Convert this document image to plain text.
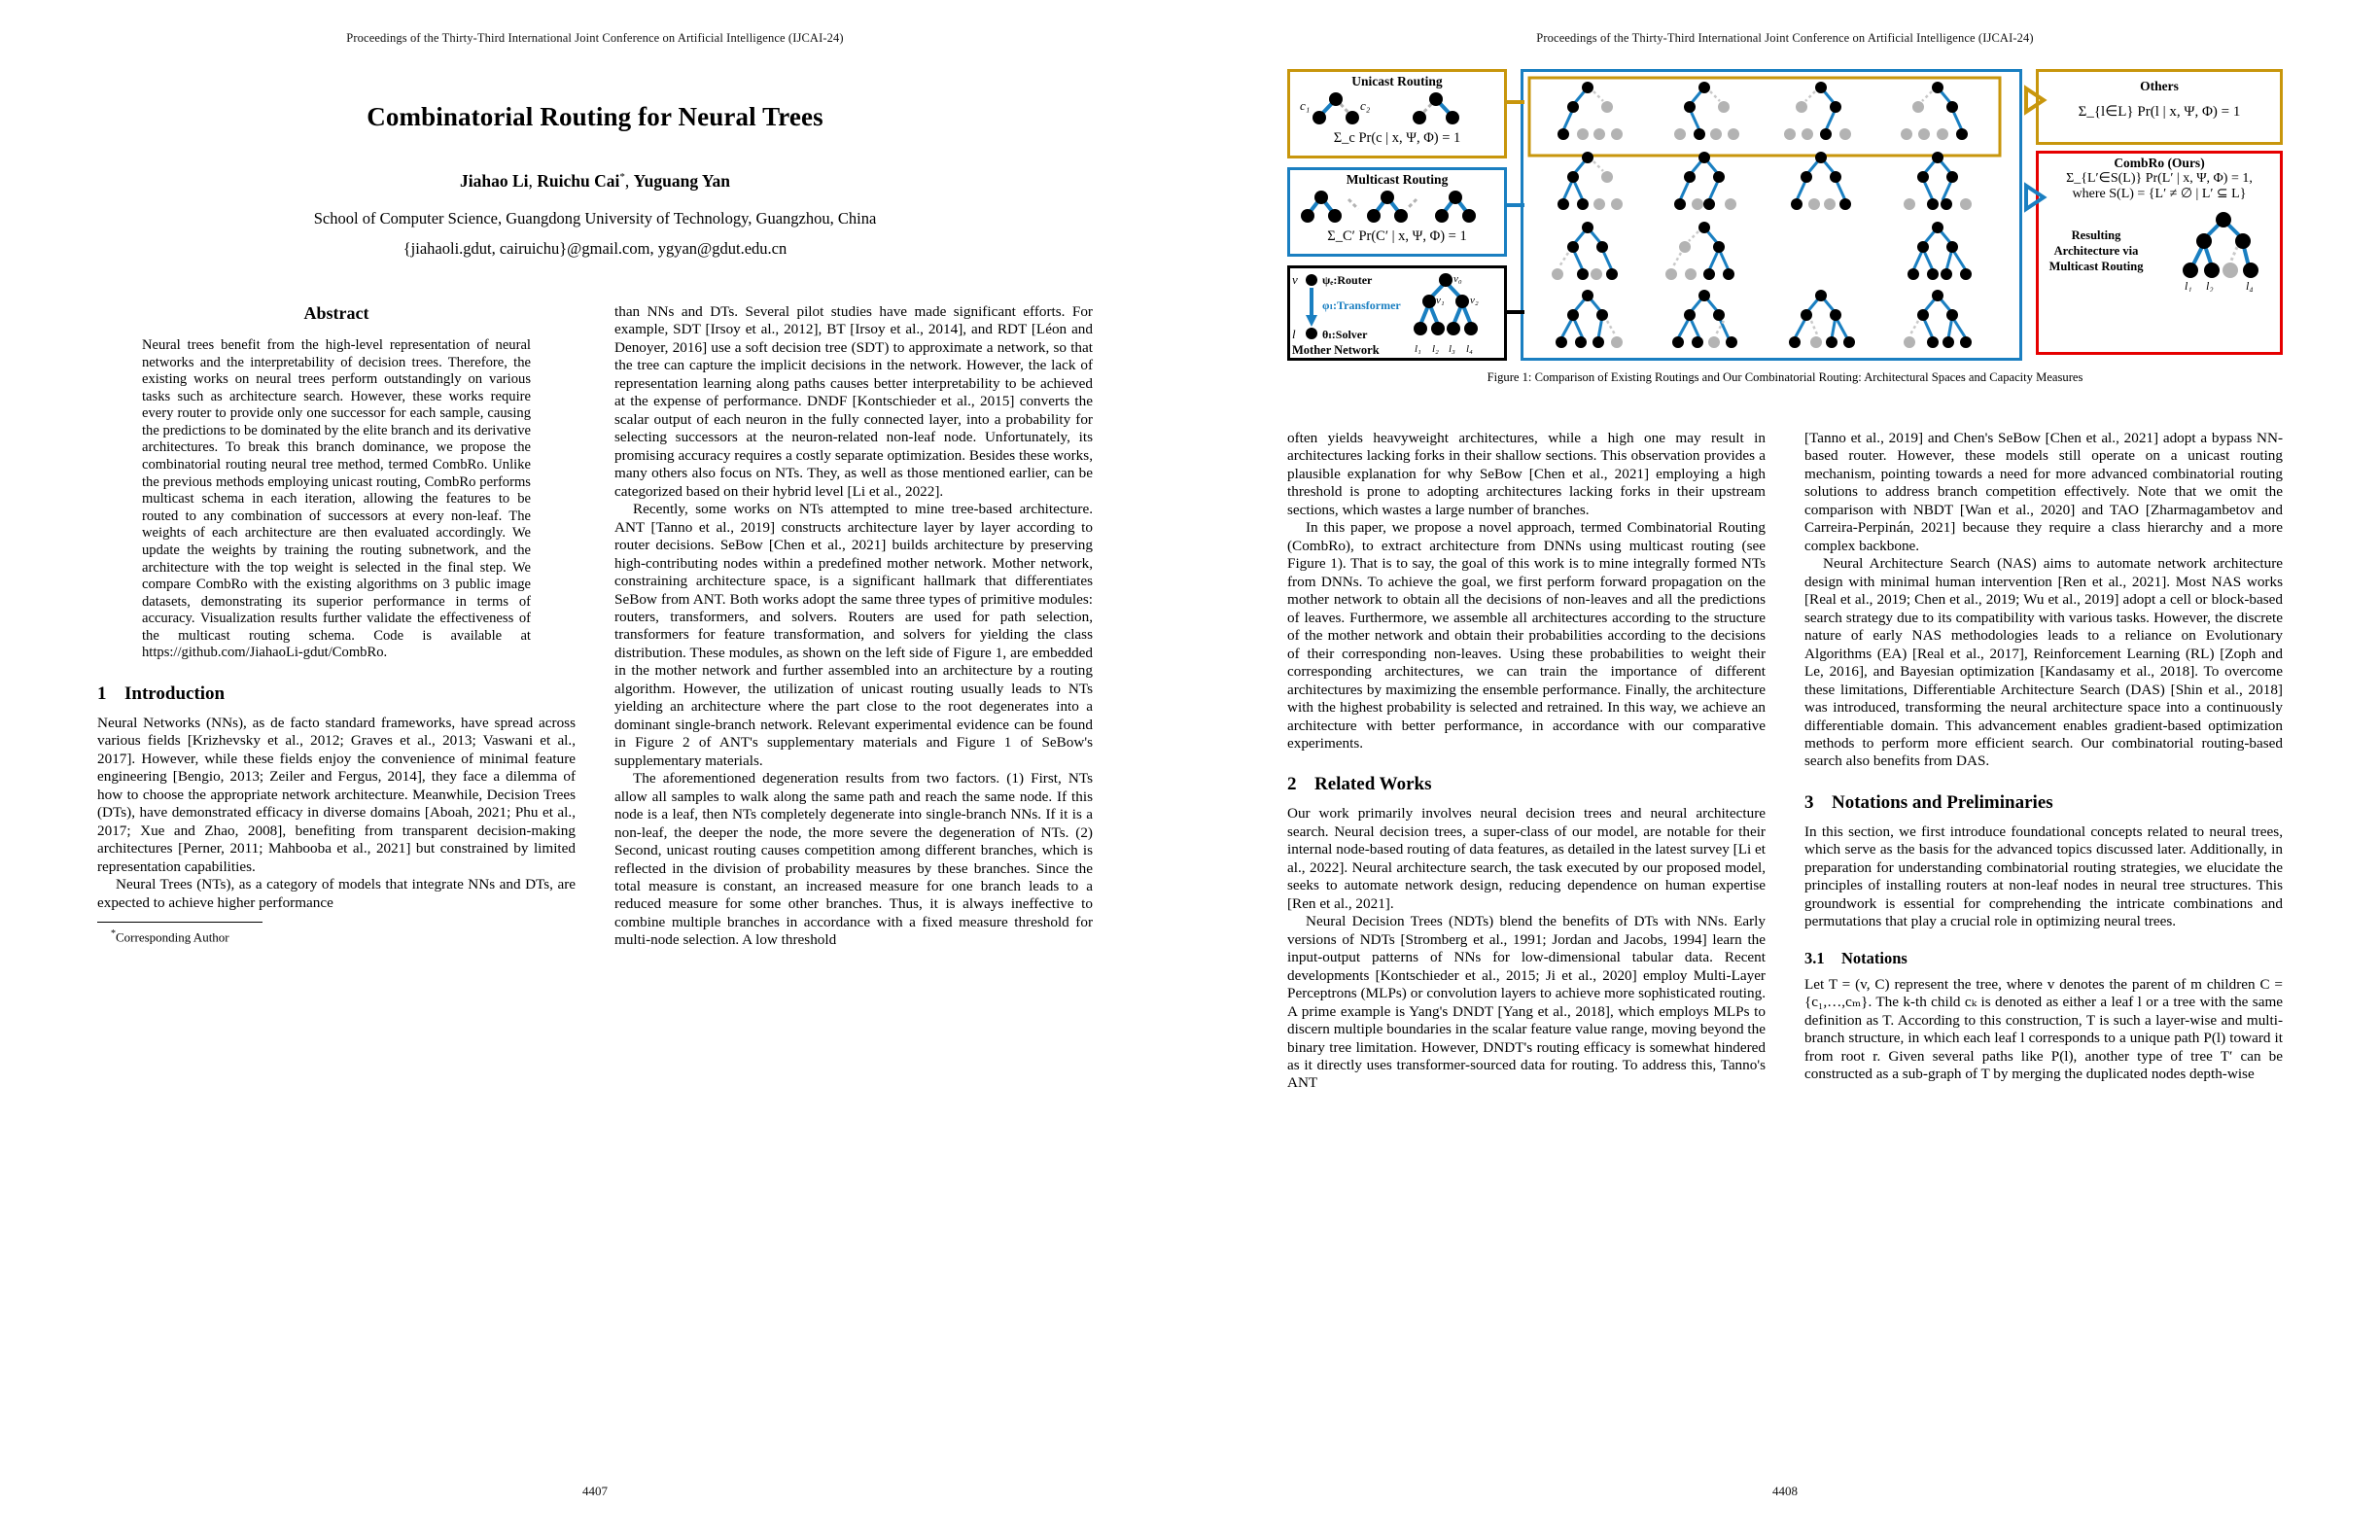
Proceedings of the Thirty-Third International Joint Conference on Artificial Intelligence (IJCAI-24)
Combinatorial Routing for Neural Trees
Jiahao Li, Ruichu Cai*, Yuguang Yan
School of Computer Science, Guangdong University of Technology, Guangzhou, China
{jiahaoli.gdut, cairuichu}@gmail.com, ygyan@gdut.edu.cn
Abstract

Neural trees benefit from the high-level representation of neural networks and the interpretability of decision trees. Therefore, the existing works on neural trees perform outstandingly on various tasks such as architecture search. However, these works require every router to provide only one successor for each sample, causing the predictions to be dominated by the elite branch and its derivative architectures. To break this branch dominance, we propose the combinatorial routing neural tree method, termed CombRo. Unlike the previous methods employing unicast routing, CombRo performs multicast schema in each iteration, allowing the features to be routed to any combination of successors at every non-leaf. The weights of each architecture are then evaluated accordingly. We update the weights by training the routing subnetwork, and the architecture with the top weight is selected in the final step. We compare CombRo with the existing algorithms on 3 public image datasets, demonstrating its superior performance in terms of accuracy. Visualization results further validate the effectiveness of the multicast routing schema. Code is available at https://github.com/JiahaoLi-gdut/CombRo.

1 Introduction

Neural Networks (NNs), as de facto standard frameworks, have spread across various fields [Krizhevsky et al., 2012; Graves et al., 2013; Vaswani et al., 2017]. However, while these fields enjoy the convenience of minimal feature engineering [Bengio, 2013; Zeiler and Fergus, 2014], they face a dilemma of how to choose the appropriate network architecture. Meanwhile, Decision Trees (DTs), have demonstrated efficacy in diverse domains [Aboah, 2021; Phu et al., 2017; Xue and Zhao, 2008], benefiting from transparent decision-making architectures [Perner, 2011; Mahbooba et al., 2021] but constrained by limited representation capabilities.

Neural Trees (NTs), as a category of models that integrate NNs and DTs, are expected to achieve higher performance

*Corresponding Author

than NNs and DTs. Several pilot studies have made significant efforts. For example, SDT [Irsoy et al., 2012], BT [Irsoy et al., 2014], and RDT [Léon and Denoyer, 2016] use a soft decision tree (SDT) to approximate a network, so that the tree can capture the implicit decisions in the network. However, the lack of representation learning along paths causes better interpretability to be achieved at the expense of performance. DNDF [Kontschieder et al., 2015] converts the scalar output of each neuron in the fully connected layer, into a probability for selecting successors at the neuron-related non-leaf node. Unfortunately, its promising accuracy requires a costly separate optimization. Besides these works, many others also focus on NTs. They, as well as those mentioned earlier, can be categorized based on their hybrid level [Li et al., 2022].

Recently, some works on NTs attempted to mine tree-based architecture. ANT [Tanno et al., 2019] constructs architecture layer by layer according to router decisions. SeBow [Chen et al., 2021] builds architecture by preserving high-contributing nodes within a predefined mother network. Mother network, constraining architecture space, is a significant hallmark that differentiates SeBow from ANT. Both works adopt the same three types of primitive modules: routers, transformers, and solvers. Routers are used for path selection, transformers for feature transformation, and solvers for yielding the class distribution. These modules, as shown on the left side of Figure 1, are embedded in the mother network and further assembled into an architecture by a routing algorithm. However, the utilization of unicast routing usually leads to NTs yielding an architecture where the part close to the root degenerates into a dominant single-branch network. Relevant experimental evidence can be found in Figure 2 of ANT's supplementary materials and Figure 1 of SeBow's supplementary materials.

The aforementioned degeneration results from two factors. (1) First, NTs allow all samples to walk along the same path and reach the same node. If this node is a leaf, then NTs completely degenerate into single-branch NNs. If it is a non-leaf, the deeper the node, the more severe the degeneration of NTs. (2) Second, unicast routing causes competition among different branches, which is reflected in the division of probability measures by these branches. Since the total measure is constant, an increased measure for one branch leads to a reduced measure for some other branches. Thus, it is always ineffective to combine multiple branches in accordance with a fixed measure threshold for multi-node selection. A low threshold

4407
Proceedings of the Thirty-Third International Joint Conference on Artificial Intelligence (IJCAI-24)
Unicast Routing
c₁	c₂
Σ_c Pr(c | x, Ψ, Φ) = 1
Multicast Routing
Σ_C′ Pr(C′ | x, Ψ, Φ) = 1
v
l
ψₑ:Router
φₗ:Transformer
θₗ:Solver
Mother Network
v₀
v₁ v₂
l₁ l₂ l₃ l₄
Others
Σ_{l∈L} Pr(l | x, Ψ, Φ) = 1
CombRo (Ours)
Σ_{L′∈S(L)} Pr(L′ | x, Ψ, Φ) = 1,
where S(L) = {L′ ≠ ∅ | L′ ⊆ L}
Resulting
Architecture via
Multicast Routing
l₁ l₂	l₄
Figure 1: Comparison of Existing Routings and Our Combinatorial Routing: Architectural Spaces and Capacity Measures

often yields heavyweight architectures, while a high one may result in architectures lacking forks in their shallow sections. This observation provides a plausible explanation for why SeBow [Chen et al., 2021] employing a high threshold is prone to adopting architectures lacking forks in their upstream sections, which wastes a large number of branches.

In this paper, we propose a novel approach, termed Combinatorial Routing (CombRo), to extract architecture from DNNs using multicast routing (see Figure 1). That is to say, the goal of this work is to mine integrally formed NTs from DNNs. To achieve the goal, we first perform forward propagation on the mother network to obtain all the decisions of non-leaves and all the predictions of leaves. Furthermore, we assemble all architectures according to the structure of the mother network and obtain their probabilities according to the decisions of their corresponding non-leaves. Using these probabilities to weight their corresponding architectures, we can train the importance of different architectures by maximizing the ensemble performance. Finally, the architecture with the highest probability is selected and retrained. In this way, we achieve an architecture with better performance, in accordance with our comparative experiments.

2 Related Works

Our work primarily involves neural decision trees and neural architecture search. Neural decision trees, a super-class of our model, are notable for their internal node-based routing of data features, as detailed in the latest survey [Li et al., 2022]. Neural architecture search, the task executed by our proposed model, seeks to automate network design, reducing dependence on human expertise [Ren et al., 2021].

Neural Decision Trees (NDTs) blend the benefits of DTs with NNs. Early versions of NDTs [Stromberg et al., 1991; Jordan and Jacobs, 1994] learn the input-output patterns of NNs for low-dimensional tabular data. Recent developments [Kontschieder et al., 2015; Ji et al., 2020] employ Multi-Layer Perceptrons (MLPs) or convolution layers to achieve more sophisticated routing. A prime example is Yang's DNDT [Yang et al., 2018], which employs MLPs to discern multiple boundaries in the scalar feature value range, moving beyond the binary tree limitation. However, DNDT's routing efficacy is somewhat hindered as it directly uses transformer-sourced data for routing. To address this, Tanno's ANT

[Tanno et al., 2019] and Chen's SeBow [Chen et al., 2021] adopt a bypass NN-based router. However, these models still operate on a unicast routing mechanism, pointing towards a need for more advanced combinatorial routing solutions to address branch competition effectively. Note that we omit the comparison with NBDT [Wan et al., 2020] and TAO [Zharmagambetov and Carreira-Perpinán, 2021] because they require a class hierarchy and a more complex backbone.

Neural Architecture Search (NAS) aims to automate network architecture design with minimal human intervention [Ren et al., 2021]. Most NAS works [Real et al., 2019; Chen et al., 2019; Wu et al., 2019] adopt a cell or block-based search strategy due to its compatibility with various tasks. However, the discrete nature of early NAS methodologies leads to a reliance on Evolutionary Algorithms (EA) [Real et al., 2017], Reinforcement Learning (RL) [Zoph and Le, 2016], and Bayesian optimization [Kandasamy et al., 2018]. To overcome these limitations, Differentiable Architecture Search (DAS) [Shin et al., 2018] was introduced, transforming the neural architecture space into a continuously differentiable domain. This advancement enables gradient-based optimization methods to perform more efficient search. Our combinatorial routing-based search also benefits from DAS.

3 Notations and Preliminaries

In this section, we first introduce foundational concepts related to neural trees, which serve as the basis for the advanced topics discussed later. Additionally, in preparation for understanding combinatorial routing strategies, we elucidate the principles of installing routers at non-leaf nodes in neural tree structures. This groundwork is essential for comprehending the intricate combinations and permutations that play a crucial role in optimizing neural trees.

3.1 Notations

Let T = (v, C) represent the tree, where v denotes the parent of m children C = {c₁,…,cₘ}. The k-th child cₖ is denoted as either a leaf l or a tree with the same definition as T. According to this construction, T is such a layer-wise and multi-branch structure, in which each leaf l corresponds to a unique path P(l) toward it from root r. Given several paths like P(l), another type of tree T′ can be constructed as a sub-graph of T by merging the duplicated nodes depth-wise

4408
